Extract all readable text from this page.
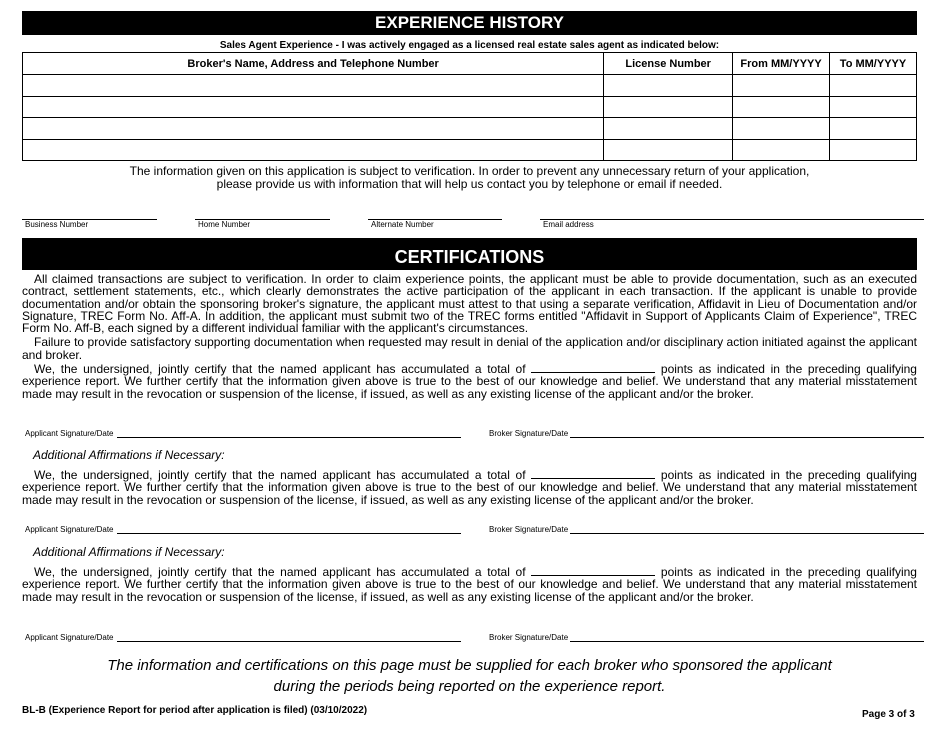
EXPERIENCE HISTORY
Sales Agent Experience - I was actively engaged as a licensed real estate sales agent as indicated below:
Broker's Name, Address and Telephone Number	License Number	From MM/YYYY	To MM/YYYY

The information given on this application is subject to verification. In order to prevent any unnecessary return of your application,
please provide us with information that will help us contact you by telephone or email if needed.
Business Number	Home Number	Alternate Number	Email address
CERTIFICATIONS

All claimed transactions are subject to verification. In order to claim experience points, the applicant must be able to provide documentation, such as an executed contract, settlement statements, etc., which clearly demonstrates the active participation of the applicant in each transaction. If the applicant is unable to provide documentation and/or obtain the sponsoring broker's signature, the applicant must attest to that using a separate verification, Affidavit in Lieu of Documentation and/or Signature, TREC Form No. Aff-A. In addition, the applicant must submit two of the TREC forms entitled "Affidavit in Support of Applicants Claim of Experience", TREC Form No. Aff-B, each signed by a different individual familiar with the applicant's circumstances.

Failure to provide satisfactory supporting documentation when requested may result in denial of the application and/or disciplinary action initiated against the applicant and broker.

We, the undersigned, jointly certify that the named applicant has accumulated a total of	points as indicated in the preceding qualifying experience report. We further certify that the information given above is true to the best of our knowledge and belief. We understand that any material misstatement made may result in the revocation or suspension of the license, if issued, as well as any existing license of the applicant and/or the broker.

Applicant Signature/Date	Broker Signature/Date
Additional Affirmations if Necessary:

We, the undersigned, jointly certify that the named applicant has accumulated a total of	points as indicated in the preceding qualifying experience report. We further certify that the information given above is true to the best of our knowledge and belief. We understand that any material misstatement made may result in the revocation or suspension of the license, if issued, as well as any existing license of the applicant and/or the broker.

Applicant Signature/Date	Broker Signature/Date
Additional Affirmations if Necessary:

We, the undersigned, jointly certify that the named applicant has accumulated a total of	points as indicated in the preceding qualifying experience report. We further certify that the information given above is true to the best of our knowledge and belief. We understand that any material misstatement made may result in the revocation or suspension of the license, if issued, as well as any existing license of the applicant and/or the broker.

Applicant Signature/Date	Broker Signature/Date
The information and certifications on this page must be supplied for each broker who sponsored the applicant
during the periods being reported on the experience report.
BL-B (Experience Report for period after application is filed) (03/10/2022)	Page 3 of 3
